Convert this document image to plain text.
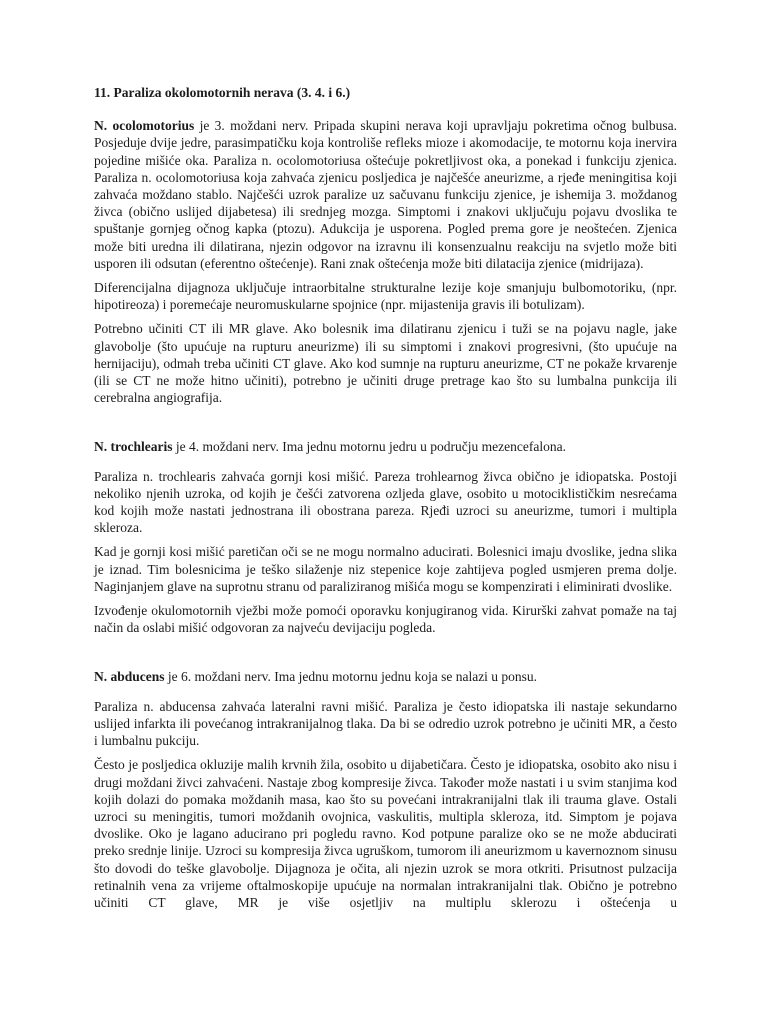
11. Paraliza okolomotornih nerava (3. 4. i 6.)

N. ocolomotorius je 3. moždani nerv. Pripada skupini nerava koji upravljaju pokretima očnog bulbusa. Posjeduje dvije jedre, parasimpatičku koja kontroliše refleks mioze i akomodacije, te motornu koja inervira pojedine mišiće oka. Paraliza n. ocolomotoriusa oštećuje pokretljivost oka, a ponekad i funkciju zjenica. Paraliza n. ocolomotoriusa koja zahvaća zjenicu posljedica je najčešće aneurizme, a rjeđe meningitisa koji zahvaća moždano stablo. Najčešći uzrok paralize uz sačuvanu funkciju zjenice, je ishemija 3. moždanog živca (obično uslijed dijabetesa) ili srednjeg mozga. Simptomi i znakovi uključuju pojavu dvoslika te spuštanje gornjeg očnog kapka (ptozu). Adukcija je usporena. Pogled prema gore je neoštećen. Zjenica može biti uredna ili dilatirana, njezin odgovor na izravnu ili konsenzualnu reakciju na svjetlo može biti usporen ili odsutan (eferentno oštećenje). Rani znak oštećenja može biti dilatacija zjenice (midrijaza).

Diferencijalna dijagnoza uključuje intraorbitalne strukturalne lezije koje smanjuju bulbomotoriku, (npr. hipotireoza) i poremećaje neuromuskularne spojnice (npr. mijastenija gravis ili botulizam).

Potrebno učiniti CT ili MR glave. Ako bolesnik ima dilatiranu zjenicu i tuži se na pojavu nagle, jake glavobolje (što upućuje na rupturu aneurizme) ili su simptomi i znakovi progresivni, (što upućuje na hernijaciju), odmah treba učiniti CT glave. Ako kod sumnje na rupturu aneurizme, CT ne pokaže krvarenje (ili se CT ne može hitno učiniti), potrebno je učiniti druge pretrage kao što su lumbalna punkcija ili cerebralna angiografija.

N. trochlearis je 4. moždani nerv. Ima jednu motornu jedru u području mezencefalona.

Paraliza n. trochlearis zahvaća gornji kosi mišić. Pareza trohlearnog živca obično je idiopatska. Postoji nekoliko njenih uzroka, od kojih je češći zatvorena ozljeda glave, osobito u motociklističkim nesrećama kod kojih može nastati jednostrana ili obostrana pareza. Rjeđi uzroci su aneurizme, tumori i multipla skleroza.

Kad je gornji kosi mišić paretičan oči se ne mogu normalno aducirati. Bolesnici imaju dvoslike, jedna slika je iznad. Tim bolesnicima je teško silaženje niz stepenice koje zahtijeva pogled usmjeren prema dolje. Naginjanjem glave na suprotnu stranu od paraliziranog mišića mogu se kompenzirati i eliminirati dvoslike.

Izvođenje okulomotornih vježbi može pomoći oporavku konjugiranog vida. Kirurški zahvat pomaže na taj način da oslabi mišić odgovoran za najveću devijaciju pogleda.

N. abducens je 6. moždani nerv. Ima jednu motornu jednu koja se nalazi u ponsu.

Paraliza n. abducensa zahvaća lateralni ravni mišić. Paraliza je često idiopatska ili nastaje sekundarno uslijed infarkta ili povećanog intrakranijalnog tlaka. Da bi se odredio uzrok potrebno je učiniti MR, a često i lumbalnu pukciju.

Često je posljedica okluzije malih krvnih žila, osobito u dijabetičara. Često je idiopatska, osobito ako nisu i drugi moždani živci zahvaćeni. Nastaje zbog kompresije živca. Također može nastati i u svim stanjima kod kojih dolazi do pomaka moždanih masa, kao što su povećani intrakranijalni tlak ili trauma glave. Ostali uzroci su meningitis, tumori moždanih ovojnica, vaskulitis, multipla skleroza, itd. Simptom je pojava dvoslike. Oko je lagano aducirano pri pogledu ravno. Kod potpune paralize oko se ne može abducirati preko srednje linije. Uzroci su kompresija živca ugruškom, tumorom ili aneurizmom u kavernoznom sinusu što dovodi do teške glavobolje. Dijagnoza je očita, ali njezin uzrok se mora otkriti. Prisutnost pulzacija retinalnih vena za vrijeme oftalmoskopije upućuje na normalan intrakranijalni tlak. Obično je potrebno učiniti CT glave, MR je više osjetljiv na multiplu sklerozu i oštećenja u
